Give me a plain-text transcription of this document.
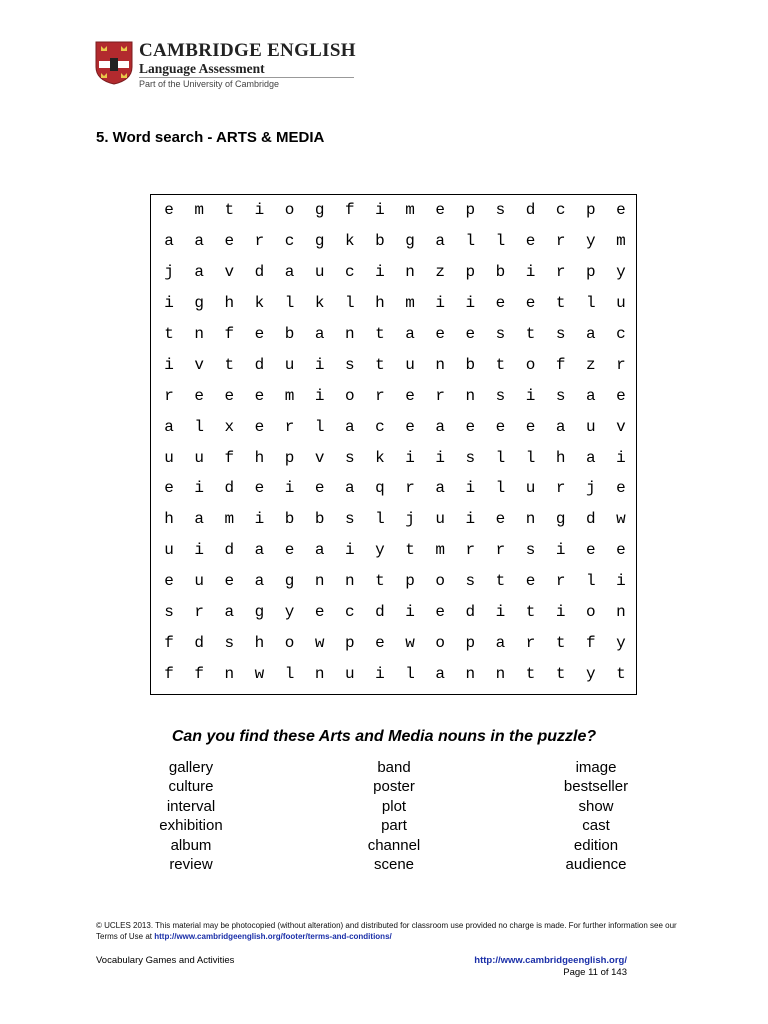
CAMBRIDGE ENGLISH
Language Assessment
Part of the University of Cambridge
5. Word search - ARTS & MEDIA
e	m	t	i	o	g	f	i	m	e	p	s	d	c	p	e
a	a	e	r	c	g	k	b	g	a	l	l	e	r	y	m
j	a	v	d	a	u	c	i	n	z	p	b	i	r	p	y
i	g	h	k	l	k	l	h	m	i	i	e	e	t	l	u
t	n	f	e	b	a	n	t	a	e	e	s	t	s	a	c
i	v	t	d	u	i	s	t	u	n	b	t	o	f	z	r
r	e	e	e	m	i	o	r	e	r	n	s	i	s	a	e
a	l	x	e	r	l	a	c	e	a	e	e	e	a	u	v
u	u	f	h	p	v	s	k	i	i	s	l	l	h	a	i
e	i	d	e	i	e	a	q	r	a	i	l	u	r	j	e
h	a	m	i	b	b	s	l	j	u	i	e	n	g	d	w
u	i	d	a	e	a	i	y	t	m	r	r	s	i	e	e
e	u	e	a	g	n	n	t	p	o	s	t	e	r	l	i
s	r	a	g	y	e	c	d	i	e	d	i	t	i	o	n
f	d	s	h	o	w	p	e	w	o	p	a	r	t	f	y
f	f	n	w	l	n	u	i	l	a	n	n	t	t	y	t
Can you find these Arts and Media nouns in the puzzle?
gallery
culture
interval
exhibition
album
review
band
poster
plot
part
channel
scene
image
bestseller
show
cast
edition
audience
© UCLES 2013. This material may be photocopied (without alteration) and distributed for classroom use provided no charge is made. For further information see our Terms of Use at http://www.cambridgeenglish.org/footer/terms-and-conditions/
Vocabulary Games and Activities	http://www.cambridgeenglish.org/
Page 11 of 143
